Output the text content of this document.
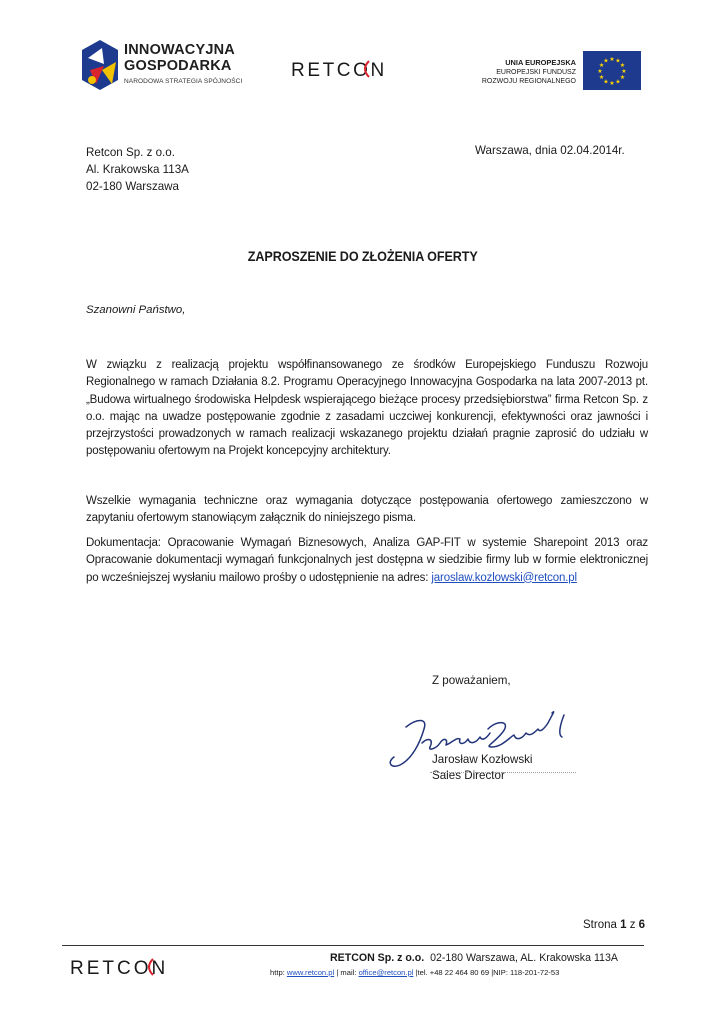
INNOWACYJNA
GOSPODARKA
NARODOWA STRATEGIA SPÓJNOŚCI
RETCON	UNIA EUROPEJSKA
EUROPEJSKI FUNDUSZ
ROZWOJU REGIONALNEGO
★ ★
★
★
★
★
★
★
★
★
★
★
Retcon Sp. z o.o.
Al. Krakowska 113A
02-180 Warszawa
Warszawa, dnia 02.04.2014r.
ZAPROSZENIE DO ZŁOŻENIA OFERTY
Szanowni Państwo,
W związku z realizacją projektu współfinansowanego ze środków Europejskiego Funduszu Rozwoju Regionalnego w ramach Działania 8.2. Programu Operacyjnego Innowacyjna Gospodarka na lata 2007-2013 pt. „Budowa wirtualnego środowiska Helpdesk wspierającego bieżące procesy przedsiębiorstwa” firma Retcon Sp. z o.o. mając na uwadze postępowanie zgodnie z zasadami uczciwej konkurencji, efektywności oraz jawności i przejrzystości prowadzonych w ramach realizacji wskazanego projektu działań pragnie zaprosić do udziału w postępowaniu ofertowym na Projekt koncepcyjny architektury.
Wszelkie wymagania techniczne oraz wymagania dotyczące postępowania ofertowego zamieszczono w zapytaniu ofertowym stanowiącym załącznik do niniejszego pisma.
Dokumentacja: Opracowanie Wymagań Biznesowych, Analiza GAP-FIT w systemie Sharepoint 2013 oraz Opracowanie dokumentacji wymagań funkcjonalnych jest dostępna w siedzibie firmy lub w formie elektronicznej po wcześniejszej wysłaniu mailowo prośby o udostępnienie na adres: jaroslaw.kozlowski@retcon.pl
Z poważaniem,
Jarosław Kozłowski
Sales Director
Strona 1 z 6
RETCON	RETCON Sp. z o.o. 02-180 Warszawa, AL. Krakowska 113A
http: www.retcon.pl | mail: office@retcon.pl |tel. +48 22 464 80 69 |NIP: 118-201-72-53
